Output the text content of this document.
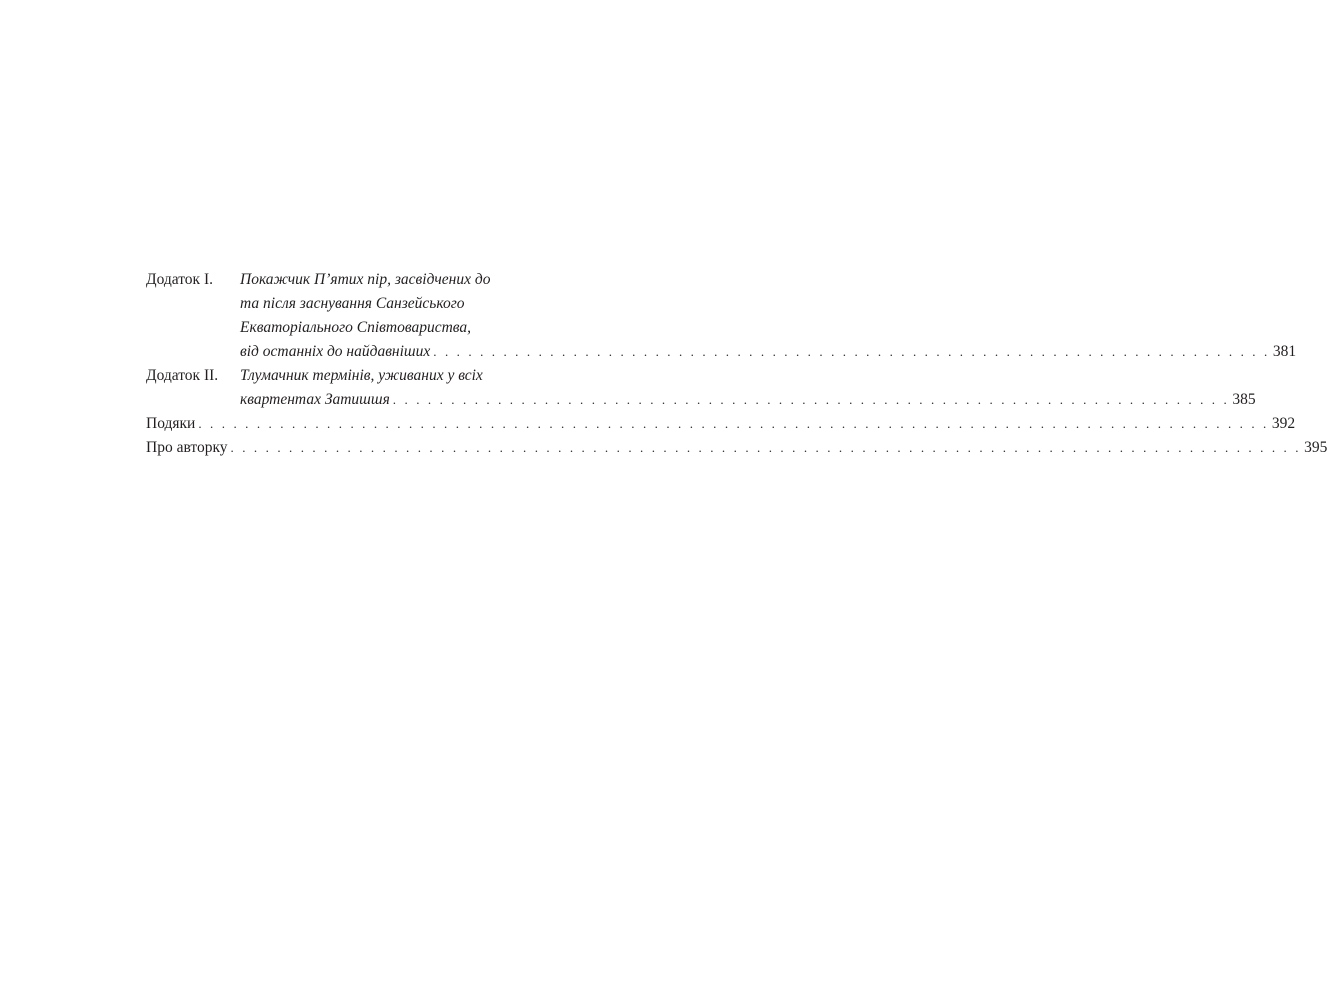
Додаток I. Покажчик П’ятих пір, засвідчених до
та після заснування Санзейського
Екваторіального Співтовариства,
від останніх до найдавніших . . . . . . . . . . . . . . . . . . . . . . . . . . . . . . . . . . . . . . . . . . . . . . . . . . . . . . . . . . . . . . . . . . . . . . . . 381
Додаток II. Тлумачник термінів, уживаних у всіх
квартентах Затишшя . . . . . . . . . . . . . . . . . . . . . . . . . . . . . . . . . . . . . . . . . . . . . . . . . . . . . . . . . . . . . . . . . . . . . . . . 385
Подяки . . . . . . . . . . . . . . . . . . . . . . . . . . . . . . . . . . . . . . . . . . . . . . . . . . . . . . . . . . . . . . . . . . . . . . . . . . . . . . . . . . . . . . . . . . . . 392
Про авторку . . . . . . . . . . . . . . . . . . . . . . . . . . . . . . . . . . . . . . . . . . . . . . . . . . . . . . . . . . . . . . . . . . . . . . . . . . . . . . . . . . . . . . . . . . . . 395
